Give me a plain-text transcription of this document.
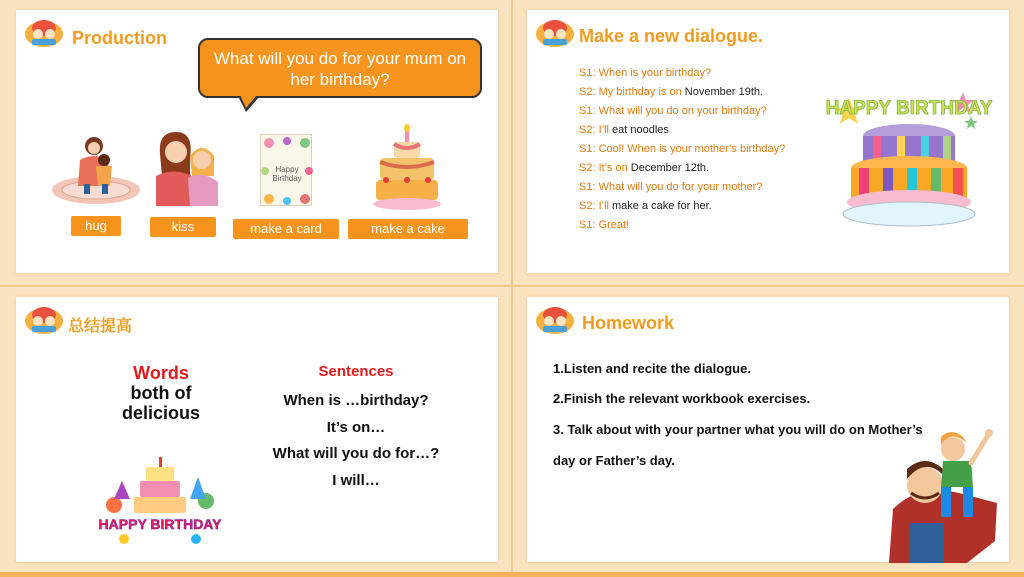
Production
What will you do for your mum on her birthday?
Happy Birthday
hug	kiss	make a card	make a cake
Make a new dialogue.
S1: When is your birthday?
S2: My birthday is on November 19th.
S1: What will you do on your birthday?
S2: I’ll eat noodles
S1: Cool! When is your mother’s birthday?
S2: It’s on December 12th.
S1: What will you do for your mother?
S2: I’ll make a cake for her.
S1: Great!
HAPPY BIRTHDAY
总结提高
Words
both of
delicious
Sentences
When is …birthday?
It’s on…
What will you do for…?
I will…
HAPPY BIRTHDAY
Homework
1.Listen and recite the dialogue.
2.Finish the relevant workbook exercises.
3. Talk about with your partner what you will do on Mother’s
day or Father’s day.
